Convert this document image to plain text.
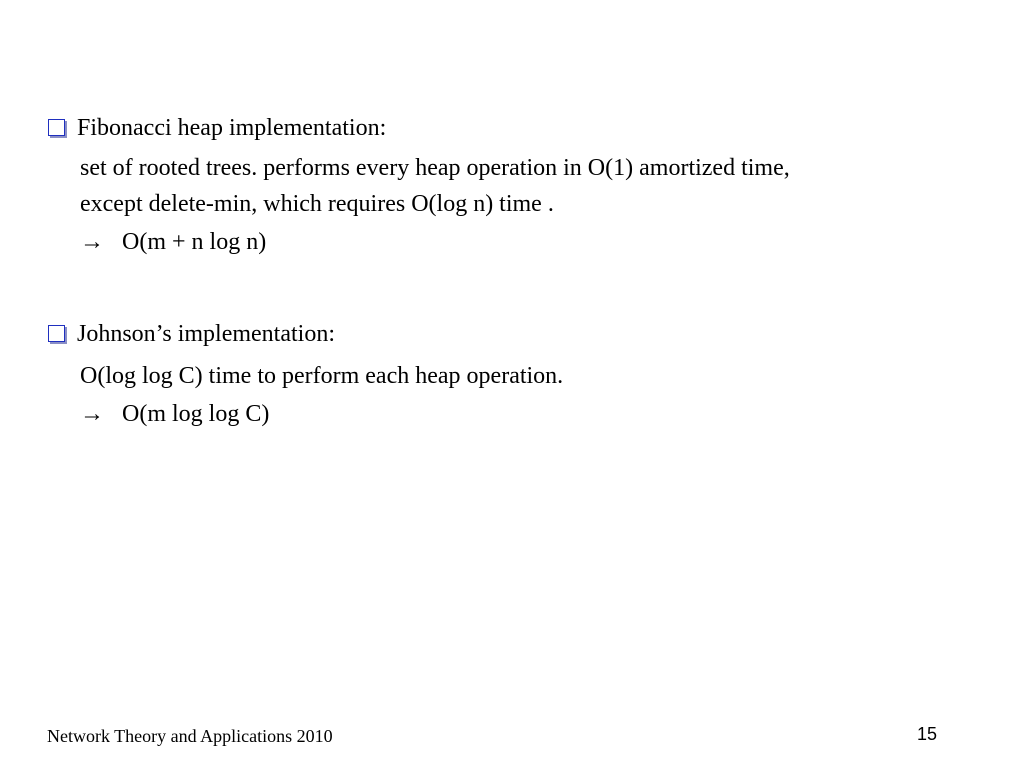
Fibonacci heap implementation:
set of rooted trees. performs every heap operation in O(1) amortized time,
except delete-min, which requires O(log n) time .
→ O(m + n log n)
Johnson’s implementation:
O(log log C) time to perform each heap operation.
→ O(m log log C)
Network Theory and Applications 2010	15
